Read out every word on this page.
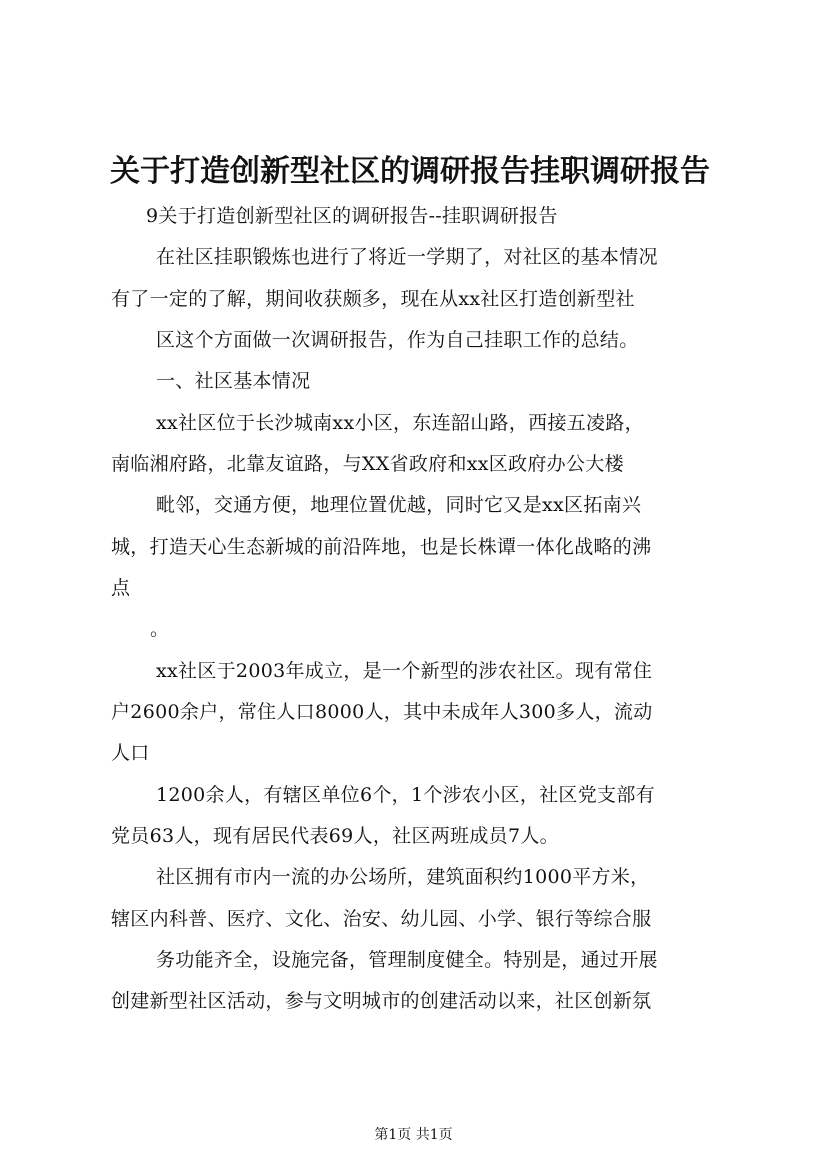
关于打造创新型社区的调研报告挂职调研报告
9关于打造创新型社区的调研报告--挂职调研报告
在社区挂职锻炼也进行了将近一学期了，对社区的基本情况
有了一定的了解，期间收获颇多，现在从xx社区打造创新型社
区这个方面做一次调研报告，作为自己挂职工作的总结。
一、社区基本情况
xx社区位于长沙城南xx小区，东连韶山路，西接五凌路，
南临湘府路，北靠友谊路，与XX省政府和xx区政府办公大楼
毗邻，交通方便，地理位置优越，同时它又是xx区拓南兴
城，打造天心生态新城的前沿阵地，也是长株谭一体化战略的沸
点
。
xx社区于2003年成立，是一个新型的涉农社区。现有常住
户2600余户，常住人口8000人，其中未成年人300多人，流动
人口
1200余人，有辖区单位6个，1个涉农小区，社区党支部有
党员63人，现有居民代表69人，社区两班成员7人。
社区拥有市内一流的办公场所，建筑面积约1000平方米，
辖区内科普、医疗、文化、治安、幼儿园、小学、银行等综合服
务功能齐全，设施完备，管理制度健全。特别是，通过开展
创建新型社区活动，参与文明城市的创建活动以来，社区创新氛
第1页 共1页
